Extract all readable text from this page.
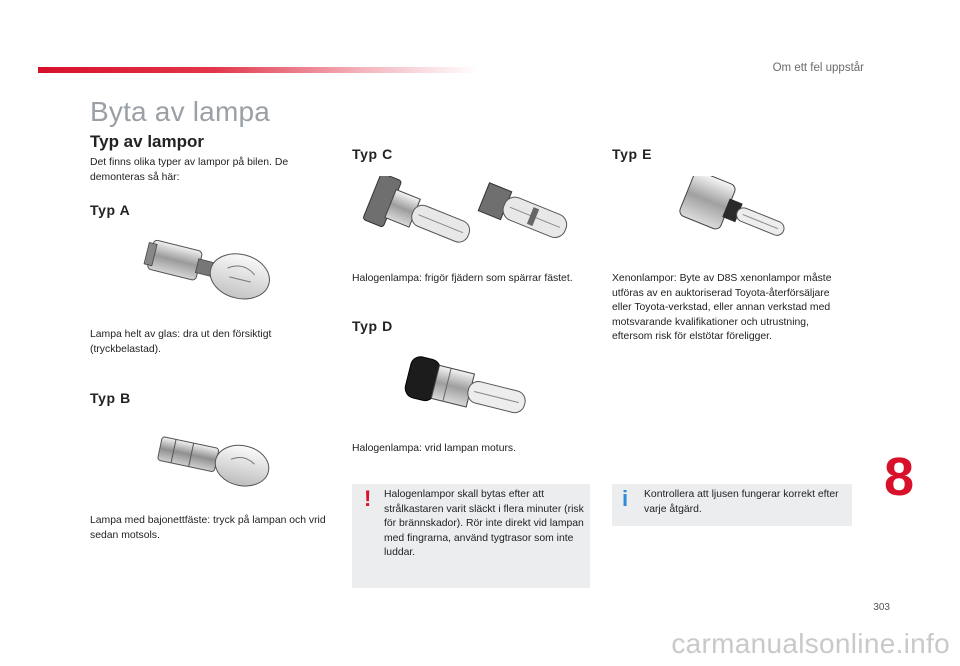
Om ett fel uppstår
Byta av lampa
Typ av lampor
Det finns olika typer av lampor på bilen. De demonteras så här:
Typ A
Lampa helt av glas: dra ut den försiktigt (tryckbelastad).
Typ B
Lampa med bajonettfäste: tryck på lampan och vrid sedan motsols.
Typ C
Halogenlampa: frigör fjädern som spärrar fästet.
Typ D
Halogenlampa: vrid lampan moturs.
! Halogenlampor skall bytas efter att strålkastaren varit släckt i flera minuter (risk för brännskador). Rör inte direkt vid lampan med fingrarna, använd tygtrasor som inte luddar.
Typ E
Xenonlampor: Byte av D8S xenonlampor måste utföras av en auktoriserad Toyota-återförsäljare eller Toyota-verkstad, eller annan verkstad med motsvarande kvalifikationer och utrustning, eftersom risk för elstötar föreligger.
i Kontrollera att ljusen fungerar korrekt efter varje åtgärd.
8
303
carmanualsonline.info
